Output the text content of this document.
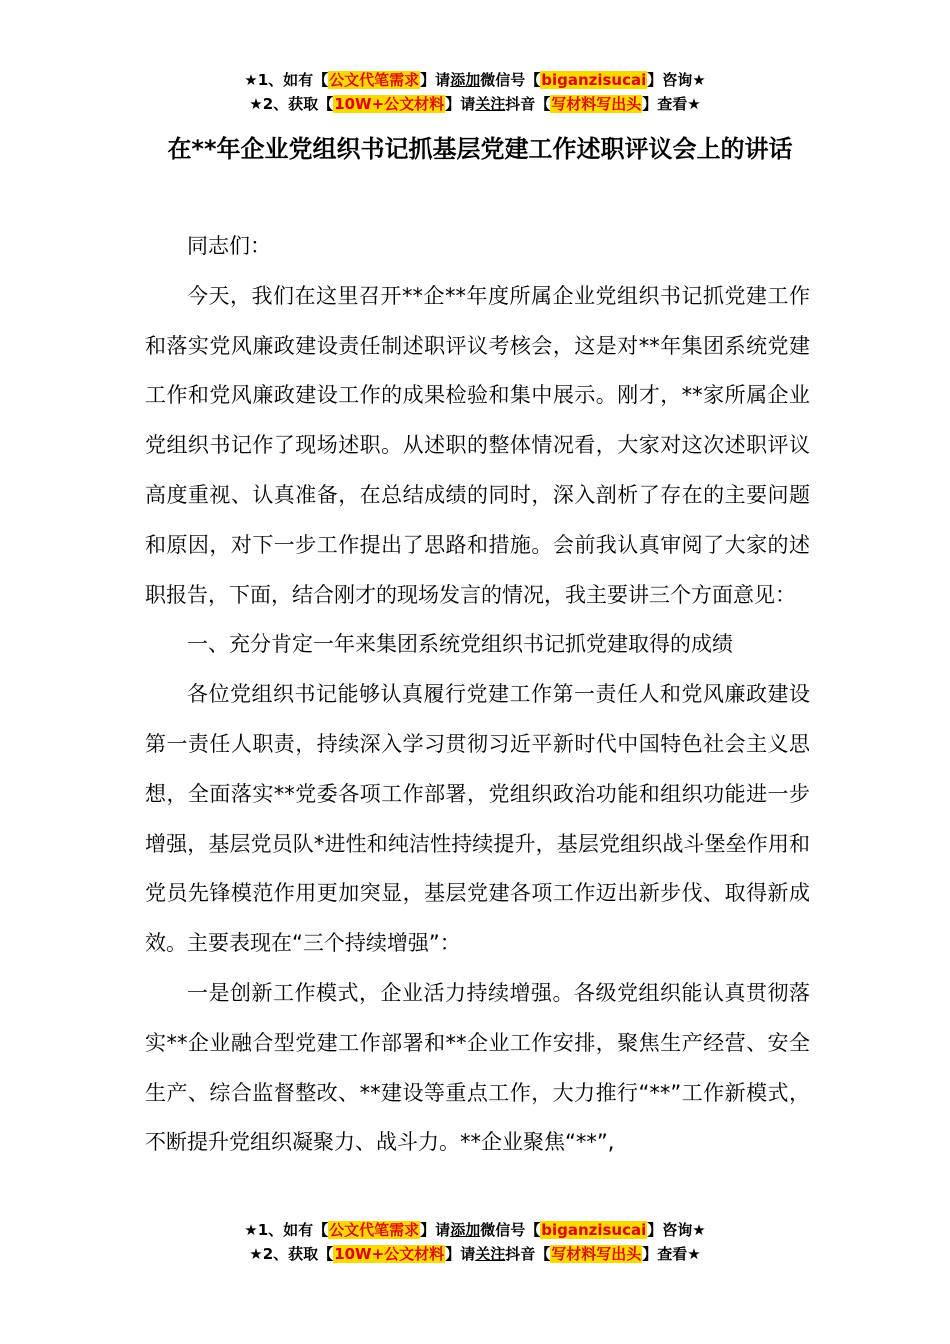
★1、如有【公文代笔需求】请添加微信号【biganzisucai】咨询★
★2、获取【10W+公文材料】请关注抖音【写材料写出头】查看★
在**年企业党组织书记抓基层党建工作述职评议会上的讲话

同志们：

今天，我们在这里召开**企**年度所属企业党组织书记抓党建工作和落实党风廉政建设责任制述职评议考核会，这是对**年集团系统党建工作和党风廉政建设工作的成果检验和集中展示。刚才，**家所属企业党组织书记作了现场述职。从述职的整体情况看，大家对这次述职评议高度重视、认真准备，在总结成绩的同时，深入剖析了存在的主要问题和原因，对下一步工作提出了思路和措施。会前我认真审阅了大家的述职报告，下面，结合刚才的现场发言的情况，我主要讲三个方面意见：

一、充分肯定一年来集团系统党组织书记抓党建取得的成绩

各位党组织书记能够认真履行党建工作第一责任人和党风廉政建设第一责任人职责，持续深入学习贯彻习近平新时代中国特色社会主义思想，全面落实**党委各项工作部署，党组织政治功能和组织功能进一步增强，基层党员队*进性和纯洁性持续提升，基层党组织战斗堡垒作用和党员先锋模范作用更加突显，基层党建各项工作迈出新步伐、取得新成效。主要表现在“三个持续增强”：

一是创新工作模式，企业活力持续增强。各级党组织能认真贯彻落实**企业融合型党建工作部署和**企业工作安排，聚焦生产经营、安全生产、综合监督整改、**建设等重点工作，大力推行“**”工作新模式，不断提升党组织凝聚力、战斗力。**企业聚焦“**”,

★1、如有【公文代笔需求】请添加微信号【biganzisucai】咨询★
★2、获取【10W+公文材料】请关注抖音【写材料写出头】查看★
